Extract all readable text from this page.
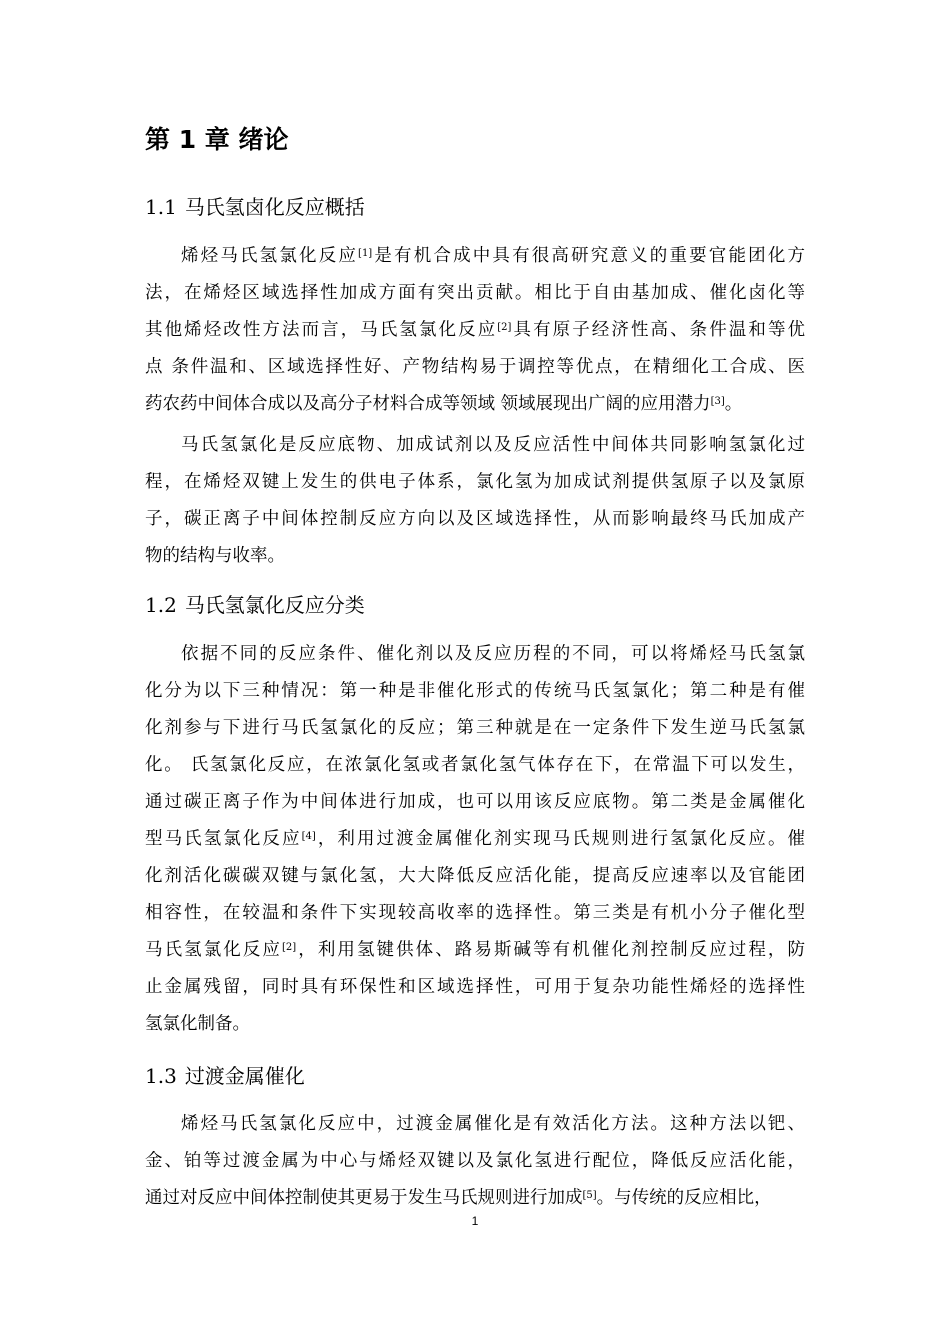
第 1 章 绪论
1.1 马氏氢卤化反应概括
烯烃马氏氢氯化反应[1]是有机合成中具有很高研究意义的重要官能团化方
法，在烯烃区域选择性加成方面有突出贡献。相比于自由基加成、催化卤化等
其他烯烃改性方法而言，马氏氢氯化反应[2]具有原子经济性高、条件温和等优
点 条件温和、区域选择性好、产物结构易于调控等优点，在精细化工合成、医
药农药中间体合成以及高分子材料合成等领域 领域展现出广阔的应用潜力[3]。
马氏氢氯化是反应底物、加成试剂以及反应活性中间体共同影响氢氯化过
程，在烯烃双键上发生的供电子体系，氯化氢为加成试剂提供氢原子以及氯原
子，碳正离子中间体控制反应方向以及区域选择性，从而影响最终马氏加成产
物的结构与收率。
1.2 马氏氢氯化反应分类
依据不同的反应条件、催化剂以及反应历程的不同，可以将烯烃马氏氢氯
化分为以下三种情况：第一种是非催化形式的传统马氏氢氯化；第二种是有催
化剂参与下进行马氏氢氯化的反应；第三种就是在一定条件下发生逆马氏氢氯
化。 氏氢氯化反应，在浓氯化氢或者氯化氢气体存在下，在常温下可以发生，
通过碳正离子作为中间体进行加成，也可以用该反应底物。第二类是金属催化
型马氏氢氯化反应[4]，利用过渡金属催化剂实现马氏规则进行氢氯化反应。催
化剂活化碳碳双键与氯化氢，大大降低反应活化能，提高反应速率以及官能团
相容性，在较温和条件下实现较高收率的选择性。第三类是有机小分子催化型
马氏氢氯化反应[2]，利用氢键供体、路易斯碱等有机催化剂控制反应过程，防
止金属残留，同时具有环保性和区域选择性，可用于复杂功能性烯烃的选择性
氢氯化制备。
1.3 过渡金属催化
烯烃马氏氢氯化反应中，过渡金属催化是有效活化方法。这种方法以钯、
金、铂等过渡金属为中心与烯烃双键以及氯化氢进行配位，降低反应活化能，
通过对反应中间体控制使其更易于发生马氏规则进行加成[5]。与传统的反应相比，
1
